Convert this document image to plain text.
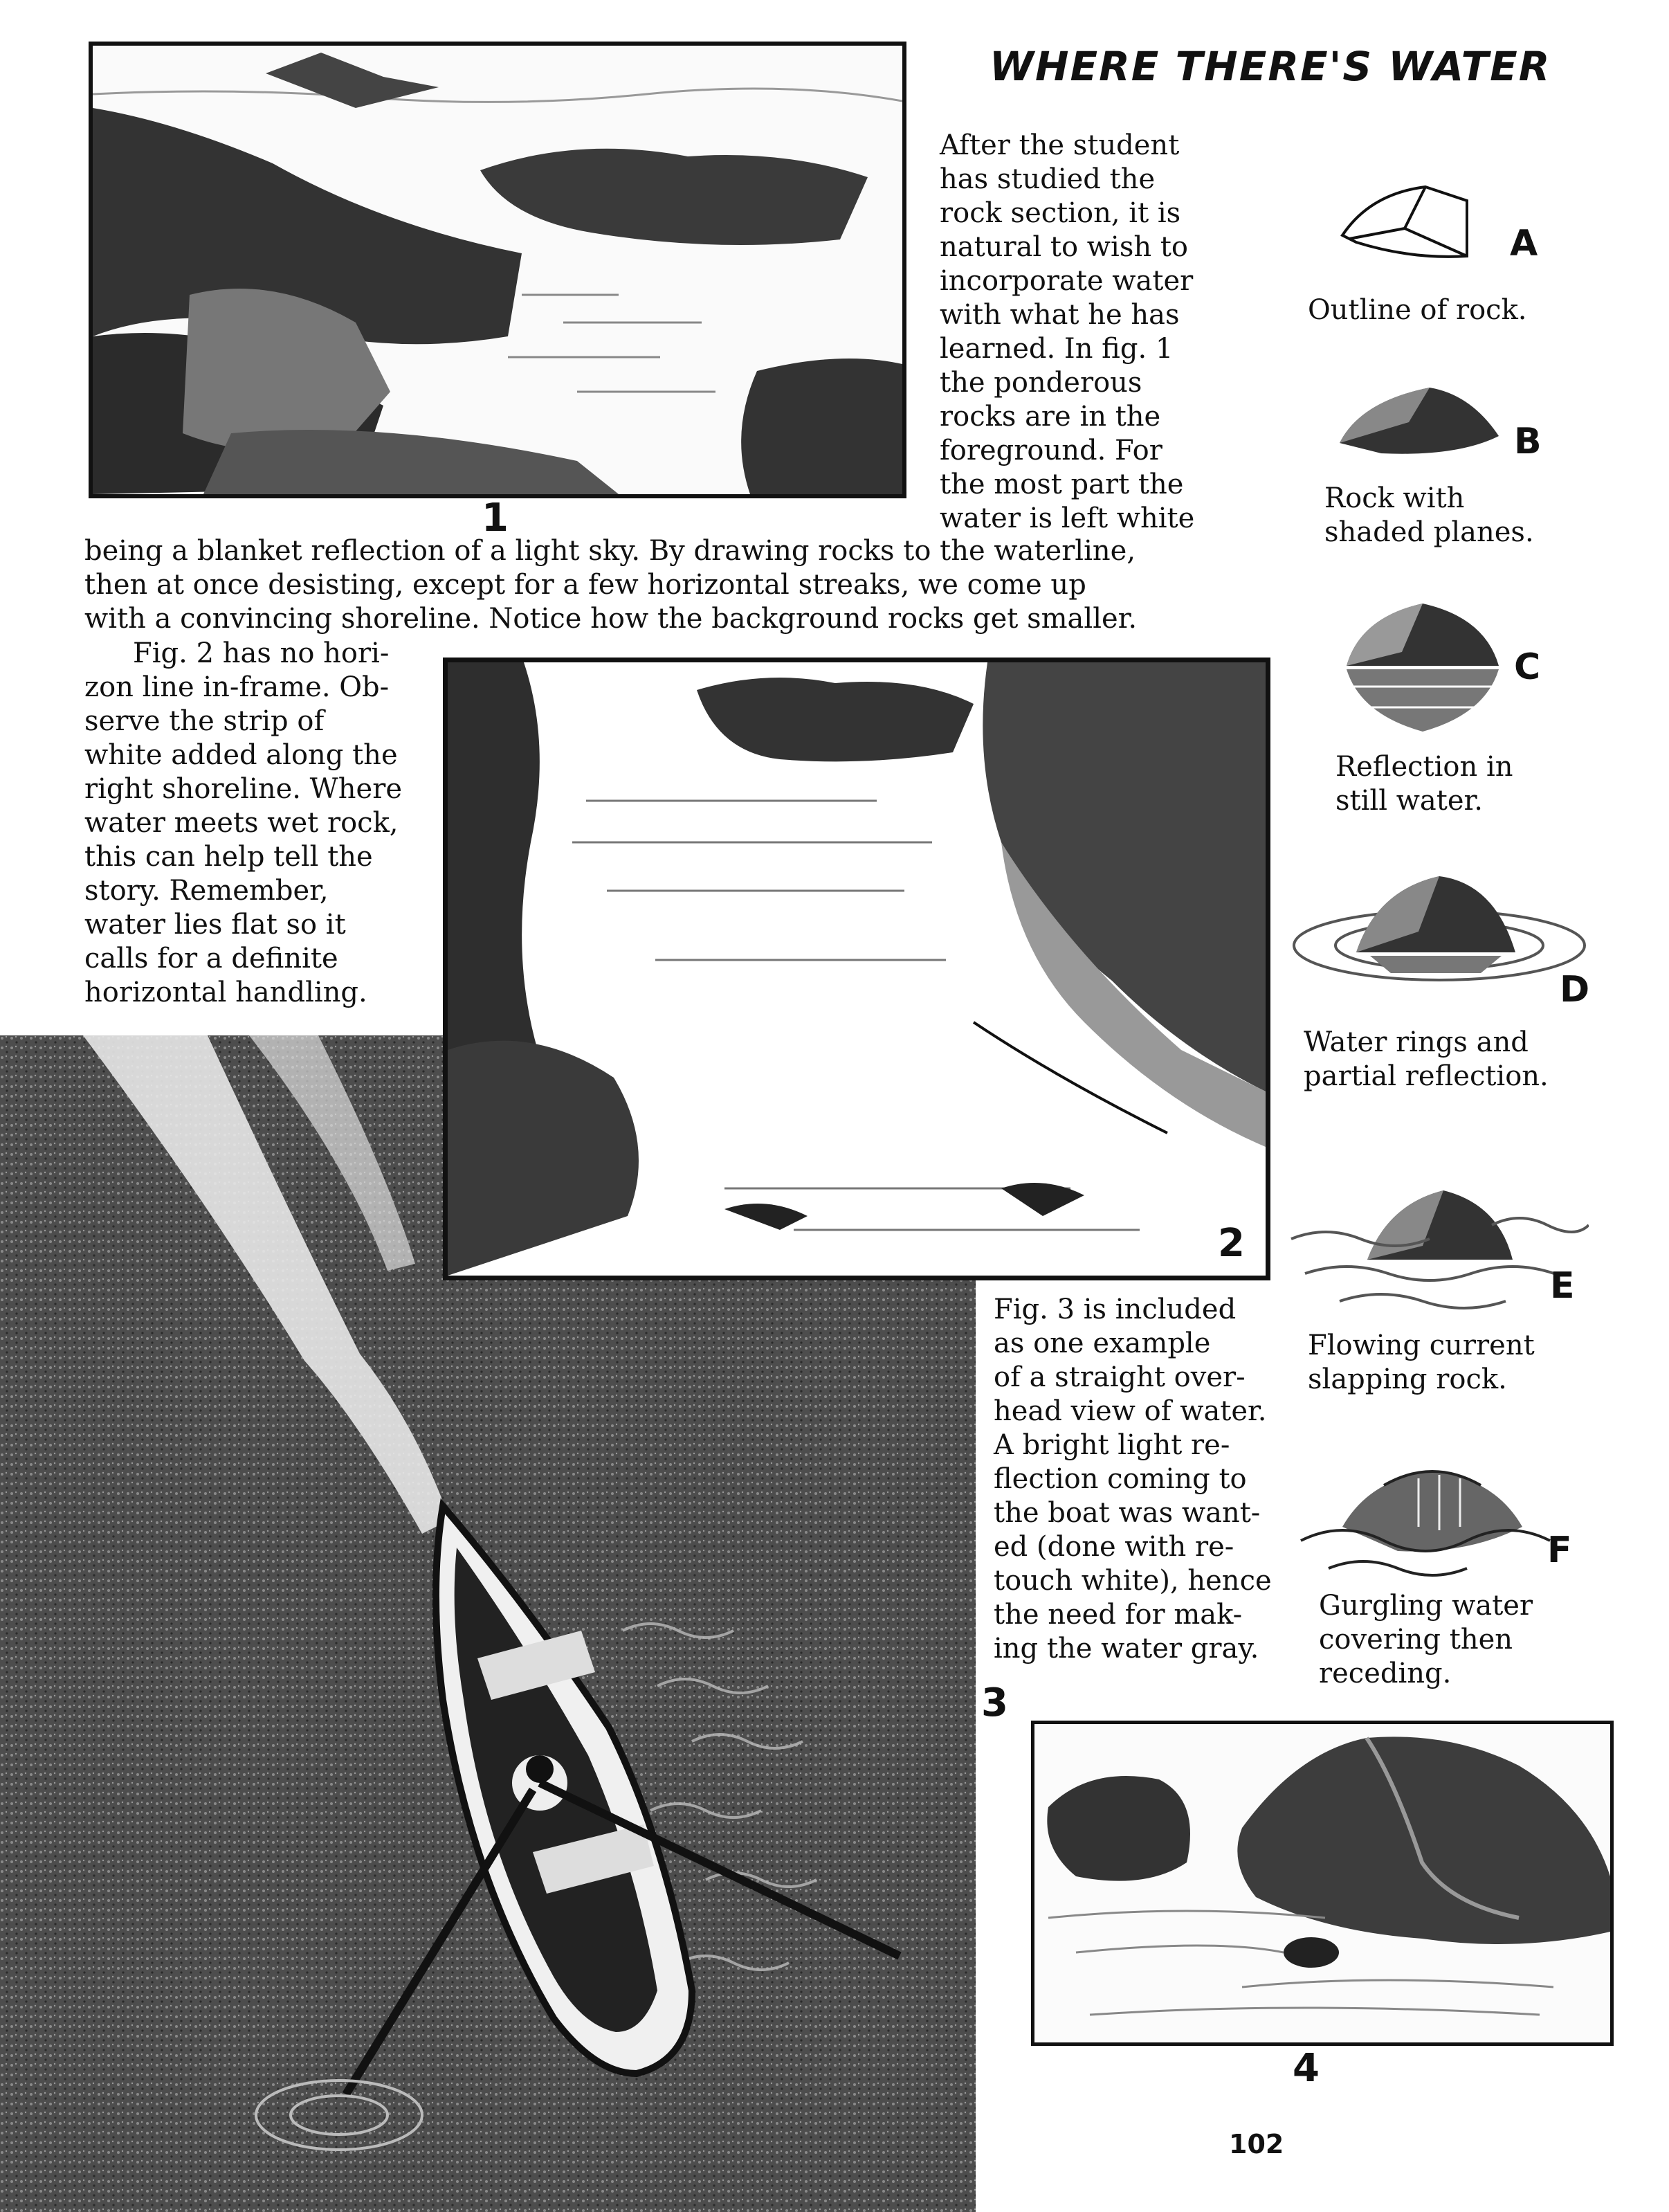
WHERE THERE'S WATER
1

After the student

has studied the

rock section, it is

natural to wish to

incorporate water

with what he has

learned. In fig. 1

the ponderous

rocks are in the

foreground. For

the most part the

water is left white

being a blanket reflection of a light sky. By drawing rocks to the waterline,

then at once desisting, except for a few horizontal streaks, we come up

with a convincing shoreline. Notice how the background rocks get smaller.

Fig. 2 has no hori-

zon line in-frame. Ob-

serve the strip of

white added along the

right shoreline. Where

water meets wet rock,

this can help tell the

story. Remember,

water lies flat so it

calls for a definite

horizontal handling.

2

Fig. 3 is included

as one example

of a straight over-

head view of water.

A bright light re-

flection coming to

the boat was want-

ed (done with re-

touch white), hence

the need for mak-

ing the water gray.

3
4
A
Outline of rock.
B
Rock with
shaded planes.
C
Reflection in
still water.
D
Water rings and
partial reflection.
E
Flowing current
slapping rock.
F
Gurgling water
covering then
receding.
102
